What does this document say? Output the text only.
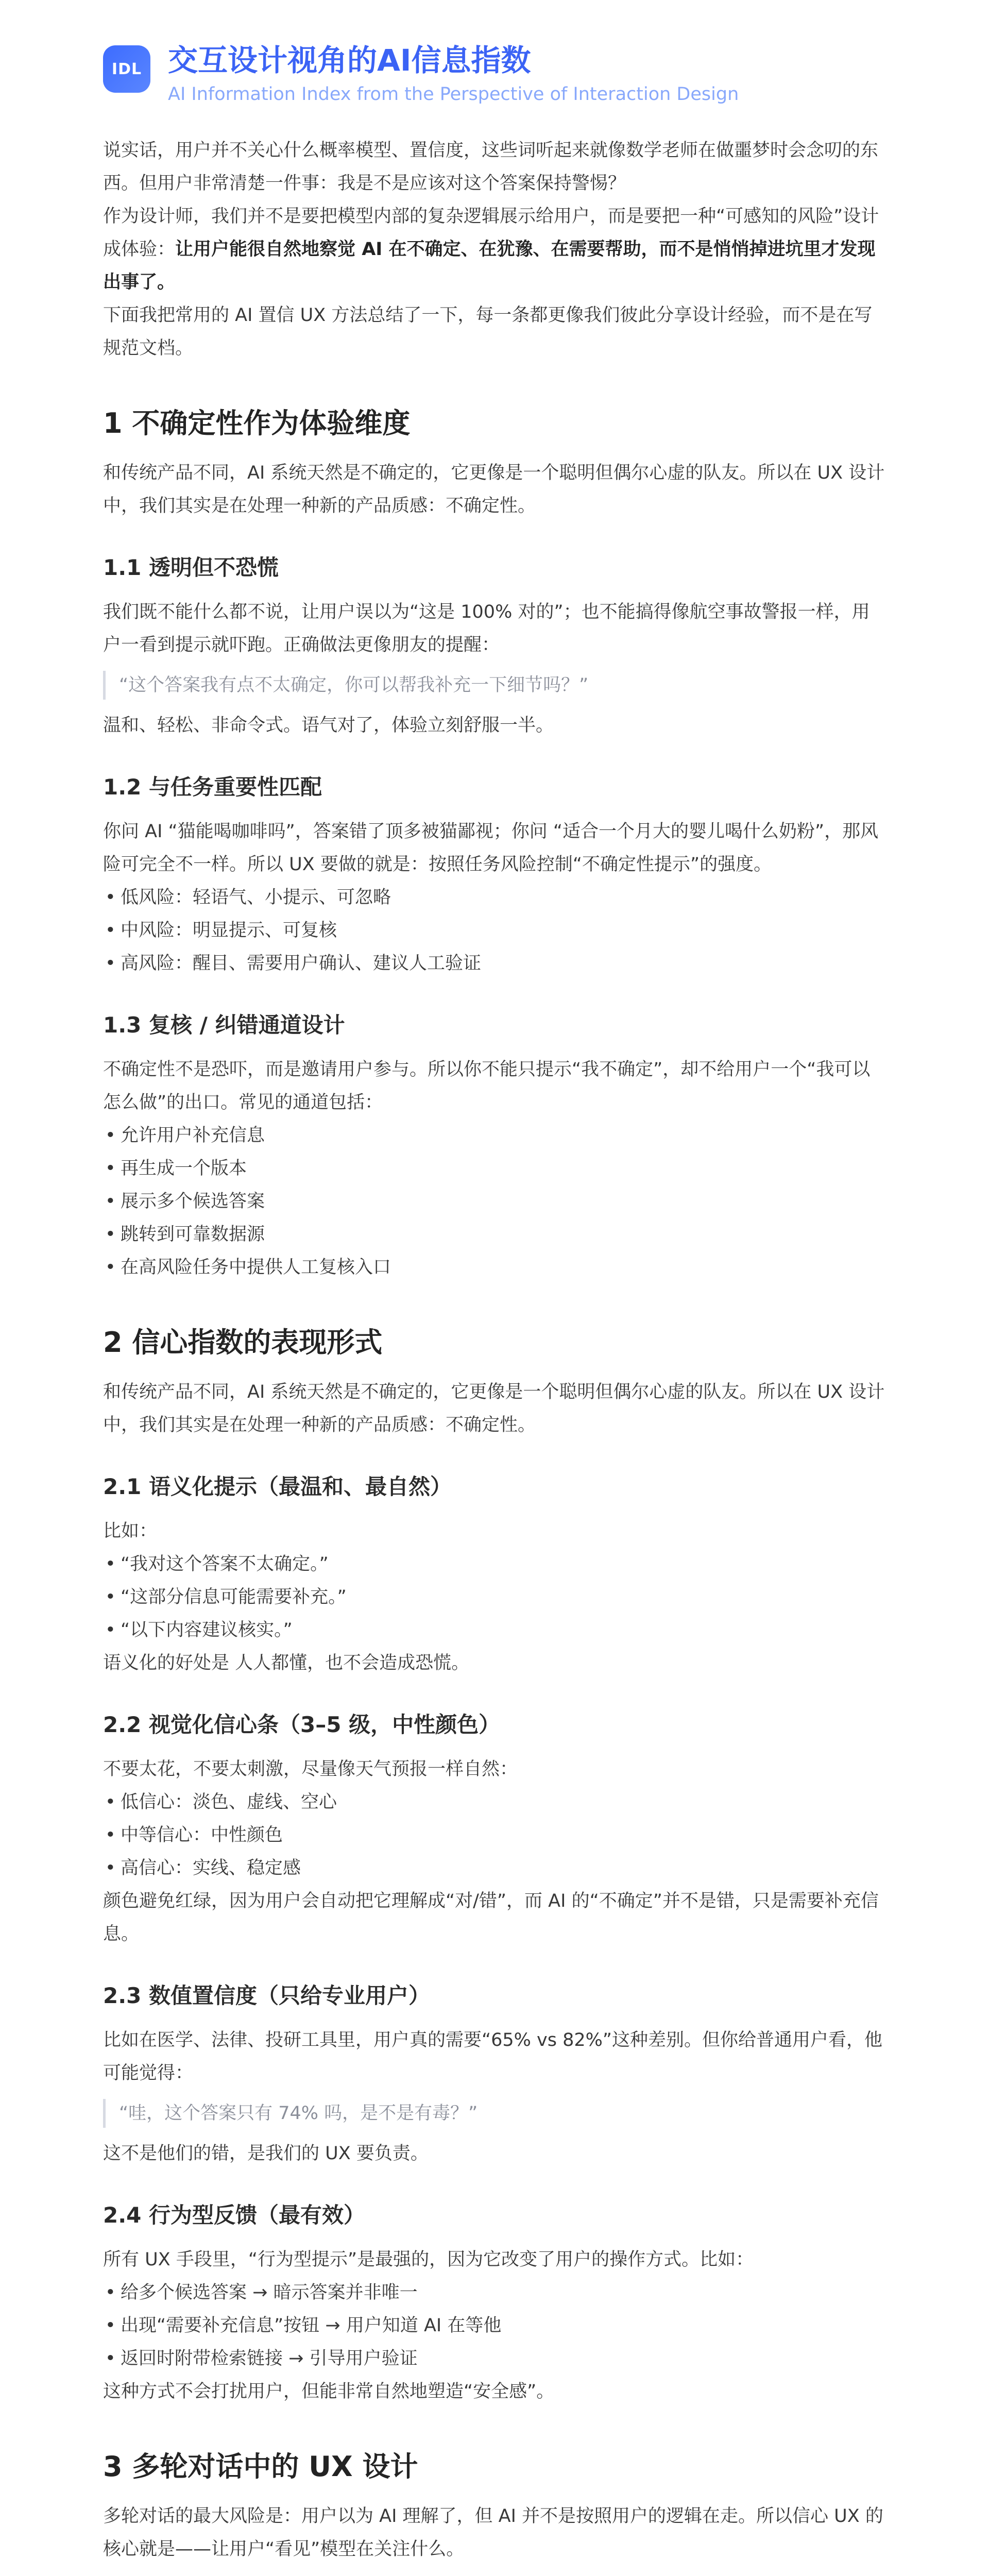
IDL 交互设计视角的AI信息指数
AI Information Index from the Perspective of Interaction Design

说实话，用户并不关心什么概率模型、置信度，这些词听起来就像数学老师在做噩梦时会念叨的东西。但用户非常清楚一件事：我是不是应该对这个答案保持警惕？

作为设计师，我们并不是要把模型内部的复杂逻辑展示给用户，而是要把一种“可感知的风险”设计成体验：让用户能很自然地察觉 AI 在不确定、在犹豫、在需要帮助，而不是悄悄掉进坑里才发现出事了。

下面我把常用的 AI 置信 UX 方法总结了一下，每一条都更像我们彼此分享设计经验，而不是在写规范文档。

1 不确定性作为体验维度

和传统产品不同，AI 系统天然是不确定的，它更像是一个聪明但偶尔心虚的队友。所以在 UX 设计中，我们其实是在处理一种新的产品质感：不确定性。

1.1 透明但不恐慌

我们既不能什么都不说，让用户误以为“这是 100% 对的”；也不能搞得像航空事故警报一样，用户一看到提示就吓跑。正确做法更像朋友的提醒：

“这个答案我有点不太确定，你可以帮我补充一下细节吗？”

温和、轻松、非命令式。语气对了，体验立刻舒服一半。

1.2 与任务重要性匹配

你问 AI “猫能喝咖啡吗”，答案错了顶多被猫鄙视；你问 “适合一个月大的婴儿喝什么奶粉”，那风险可完全不一样。所以 UX 要做的就是：按照任务风险控制“不确定性提示”的强度。

• 低风险：轻语气、小提示、可忽略
• 中风险：明显提示、可复核
• 高风险：醒目、需要用户确认、建议人工验证
1.3 复核 / 纠错通道设计

不确定性不是恐吓，而是邀请用户参与。所以你不能只提示“我不确定”，却不给用户一个“我可以怎么做”的出口。常见的通道包括：

• 允许用户补充信息
• 再生成一个版本
• 展示多个候选答案
• 跳转到可靠数据源
• 在高风险任务中提供人工复核入口
2 信心指数的表现形式

和传统产品不同，AI 系统天然是不确定的，它更像是一个聪明但偶尔心虚的队友。所以在 UX 设计中，我们其实是在处理一种新的产品质感：不确定性。

2.1 语义化提示（最温和、最自然）

比如：

• “我对这个答案不太确定。”
• “这部分信息可能需要补充。”
• “以下内容建议核实。”

语义化的好处是 人人都懂，也不会造成恐慌。

2.2 视觉化信心条（3–5 级，中性颜色）

不要太花，不要太刺激，尽量像天气预报一样自然：

• 低信心：淡色、虚线、空心
• 中等信心：中性颜色
• 高信心：实线、稳定感

颜色避免红绿，因为用户会自动把它理解成“对/错”，而 AI 的“不确定”并不是错，只是需要补充信息。

2.3 数值置信度（只给专业用户）

比如在医学、法律、投研工具里，用户真的需要“65% vs 82%”这种差别。但你给普通用户看，他可能觉得：

“哇，这个答案只有 74% 吗，是不是有毒？”

这不是他们的错，是我们的 UX 要负责。

2.4 行为型反馈（最有效）

所有 UX 手段里，“行为型提示”是最强的，因为它改变了用户的操作方式。比如：

• 给多个候选答案 → 暗示答案并非唯一
• 出现“需要补充信息”按钮 → 用户知道 AI 在等他
• 返回时附带检索链接 → 引导用户验证

这种方式不会打扰用户，但能非常自然地塑造“安全感”。

3 多轮对话中的 UX 设计

多轮对话的最大风险是：用户以为 AI 理解了，但 AI 并不是按照用户的逻辑在走。所以信心 UX 的核心就是——让用户“看见”模型在关注什么。
